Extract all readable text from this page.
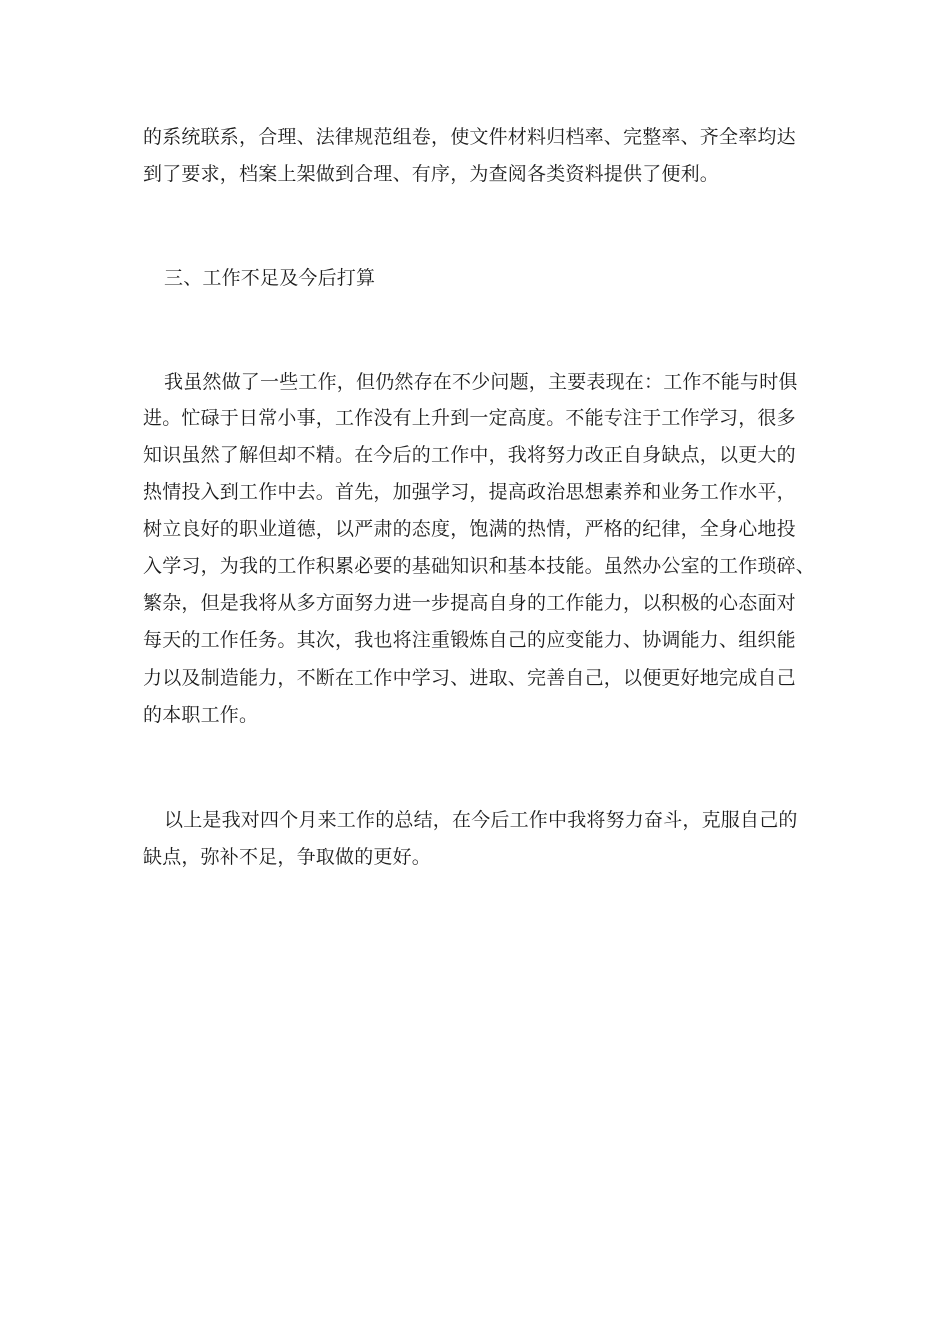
的系统联系，合理、法律规范组卷，使文件材料归档率、完整率、齐全率均达
到了要求，档案上架做到合理、有序，为查阅各类资料提供了便利。
三、工作不足及今后打算
我虽然做了一些工作，但仍然存在不少问题，主要表现在：工作不能与时俱
进。忙碌于日常小事，工作没有上升到一定高度。不能专注于工作学习，很多
知识虽然了解但却不精。在今后的工作中，我将努力改正自身缺点，以更大的
热情投入到工作中去。首先，加强学习，提高政治思想素养和业务工作水平，
树立良好的职业道德，以严肃的态度，饱满的热情，严格的纪律，全身心地投
入学习，为我的工作积累必要的基础知识和基本技能。虽然办公室的工作琐碎、
繁杂，但是我将从多方面努力进一步提高自身的工作能力，以积极的心态面对
每天的工作任务。其次，我也将注重锻炼自己的应变能力、协调能力、组织能
力以及制造能力，不断在工作中学习、进取、完善自己，以便更好地完成自己
的本职工作。
以上是我对四个月来工作的总结，在今后工作中我将努力奋斗，克服自己的
缺点，弥补不足，争取做的更好。
